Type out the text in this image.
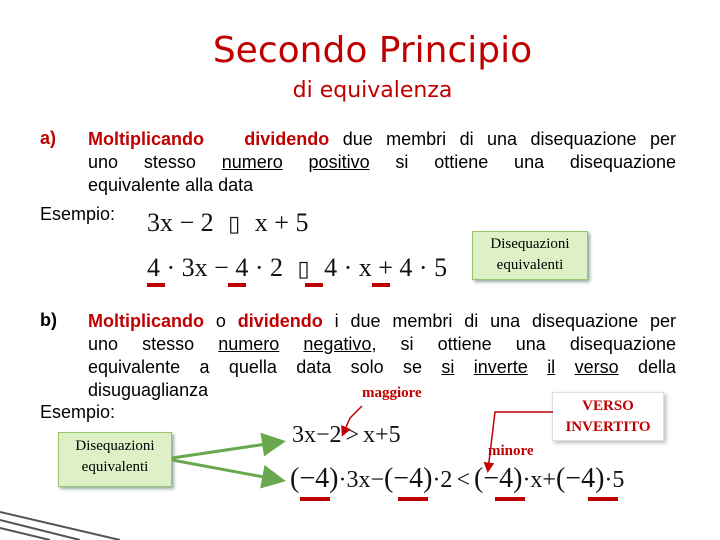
Secondo Principio
di equivalenza
a) Moltiplicando dividendo due membri di una disequazione per
uno stesso numero positivo si ottiene una disequazione
equivalente alla data
Esempio: 3x − 2 ▯ x + 5
4 · 3x − 4 · 2 ▯ 4 · x + 4 · 5
Disequazioni equivalenti
b) Moltiplicando o dividendo i due membri di una disequazione per
uno stesso numero negativo, si ottiene una disequazione
equivalente a quella data solo se si inverte il verso della
disuguaglianza
Esempio:
maggiore
minore
VERSO INVERTITO
3x−2 > x+5
(−4)·3x−(−4)·2 < (−4)·x+(−4)·5
Disequazioni equivalenti
